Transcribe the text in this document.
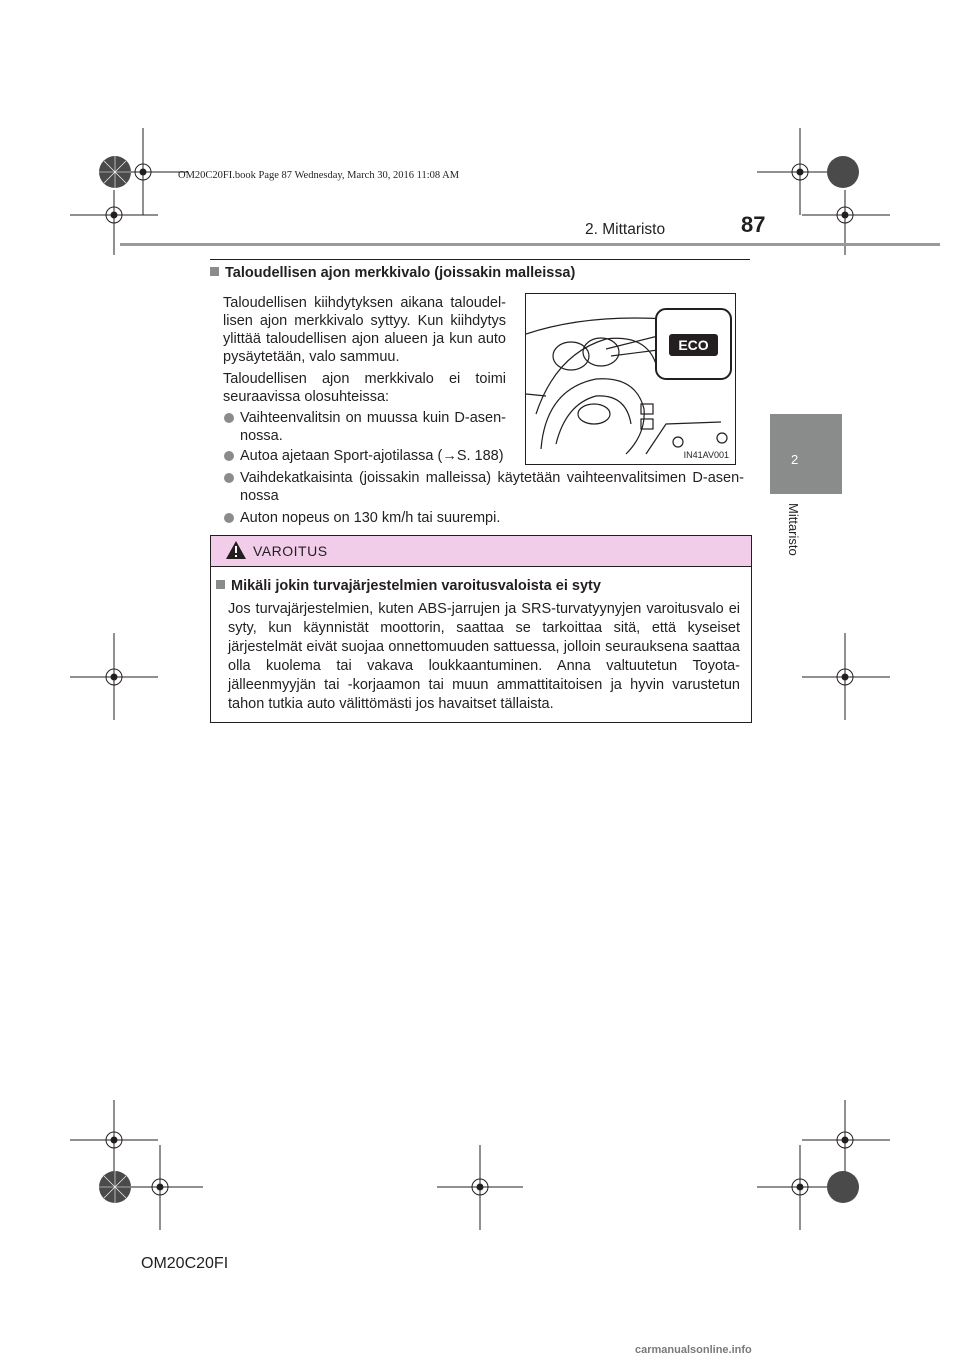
OM20C20FI.book Page 87 Wednesday, March 30, 2016 11:08 AM
87
2. Mittaristo
2
Mittaristo
Taloudellisen ajon merkkivalo (joissakin malleissa)
Taloudellisen kiihdytyksen aikana taloudel-lisen ajon merkkivalo syttyy. Kun kiihdytys ylittää taloudellisen ajon alueen ja kun auto pysäytetään, valo sammuu.
Taloudellisen ajon merkkivalo ei toimi seuraavissa olosuhteissa:
Vaihteenvalitsin on muussa kuin D-asen-nossa.
Autoa ajetaan Sport-ajotilassa (→S. 188)
Vaihdekatkaisinta (joissakin malleissa) käytetään vaihteenvalitsimen D-asen-nossa
Auton nopeus on 130 km/h tai suurempi.
ECO
IN41AV001
VAROITUS
Mikäli jokin turvajärjestelmien varoitusvaloista ei syty
Jos turvajärjestelmien, kuten ABS-jarrujen ja SRS-turvatyynyjen varoitusvalo ei syty, kun käynnistät moottorin, saattaa se tarkoittaa sitä, että kyseiset järjestelmät eivät suojaa onnettomuuden sattuessa, jolloin seurauksena saattaa olla kuolema tai vakava loukkaantuminen. Anna valtuutetun Toyota-jälleenmyyjän tai -korjaamon tai muun ammattitaitoisen ja hyvin varustetun tahon tutkia auto välittömästi jos havaitset tällaista.
OM20C20FI
carmanualsonline.info
